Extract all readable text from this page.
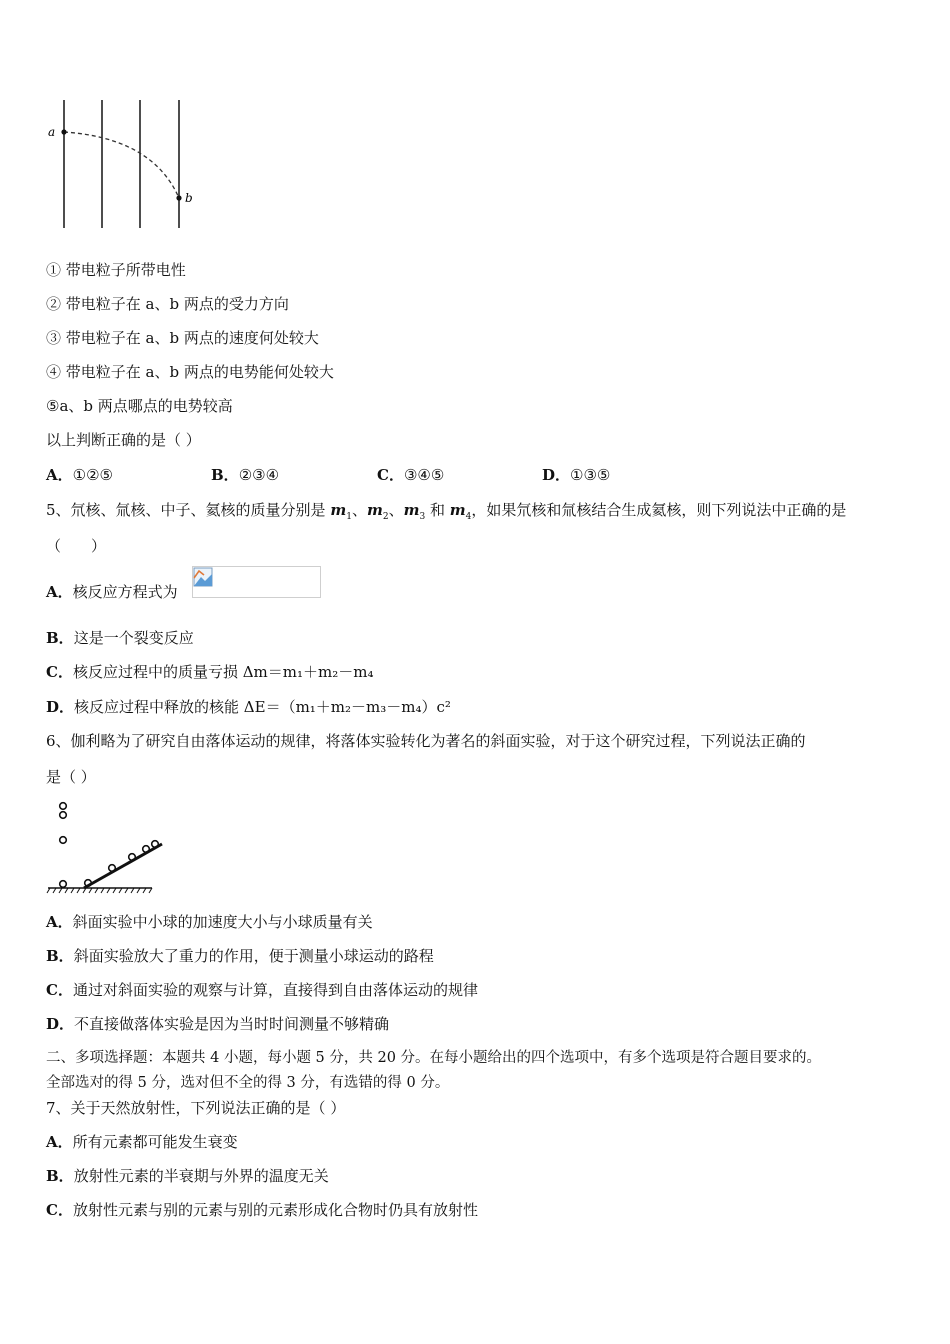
a
b
① 带电粒子所带电性
② 带电粒子在 a、b 两点的受力方向
③ 带电粒子在 a、b 两点的速度何处较大
④ 带电粒子在 a、b 两点的电势能何处较大
⑤a、b 两点哪点的电势较高
以上判断正确的是（ ）
A．①②⑤	B．②③④	C．③④⑤	D．①③⑤
5、氘核、氚核、中子、氦核的质量分别是 $m_1$、$m_2$、$m_3$ 和 $m_4$，如果氘核和氚核结合生成氦核，则下列说法中正确的是
（　　）
A．核反应方程式为
B．这是一个裂变反应
C．核反应过程中的质量亏损 Δm＝m₁＋m₂－m₄
D．核反应过程中释放的核能 ΔE＝（m₁＋m₂－m₃－m₄）c²
6、伽利略为了研究自由落体运动的规律，将落体实验转化为著名的斜面实验，对于这个研究过程，下列说法正确的
是（ ）
A．斜面实验中小球的加速度大小与小球质量有关
B．斜面实验放大了重力的作用，便于测量小球运动的路程
C．通过对斜面实验的观察与计算，直接得到自由落体运动的规律
D．不直接做落体实验是因为当时时间测量不够精确
二、多项选择题：本题共 4 小题，每小题 5 分，共 20 分。在每小题给出的四个选项中，有多个选项是符合题目要求的。
全部选对的得 5 分，选对但不全的得 3 分，有选错的得 0 分。
7、关于天然放射性，下列说法正确的是（ ）
A．所有元素都可能发生衰变
B．放射性元素的半衰期与外界的温度无关
C．放射性元素与别的元素与别的元素形成化合物时仍具有放射性
